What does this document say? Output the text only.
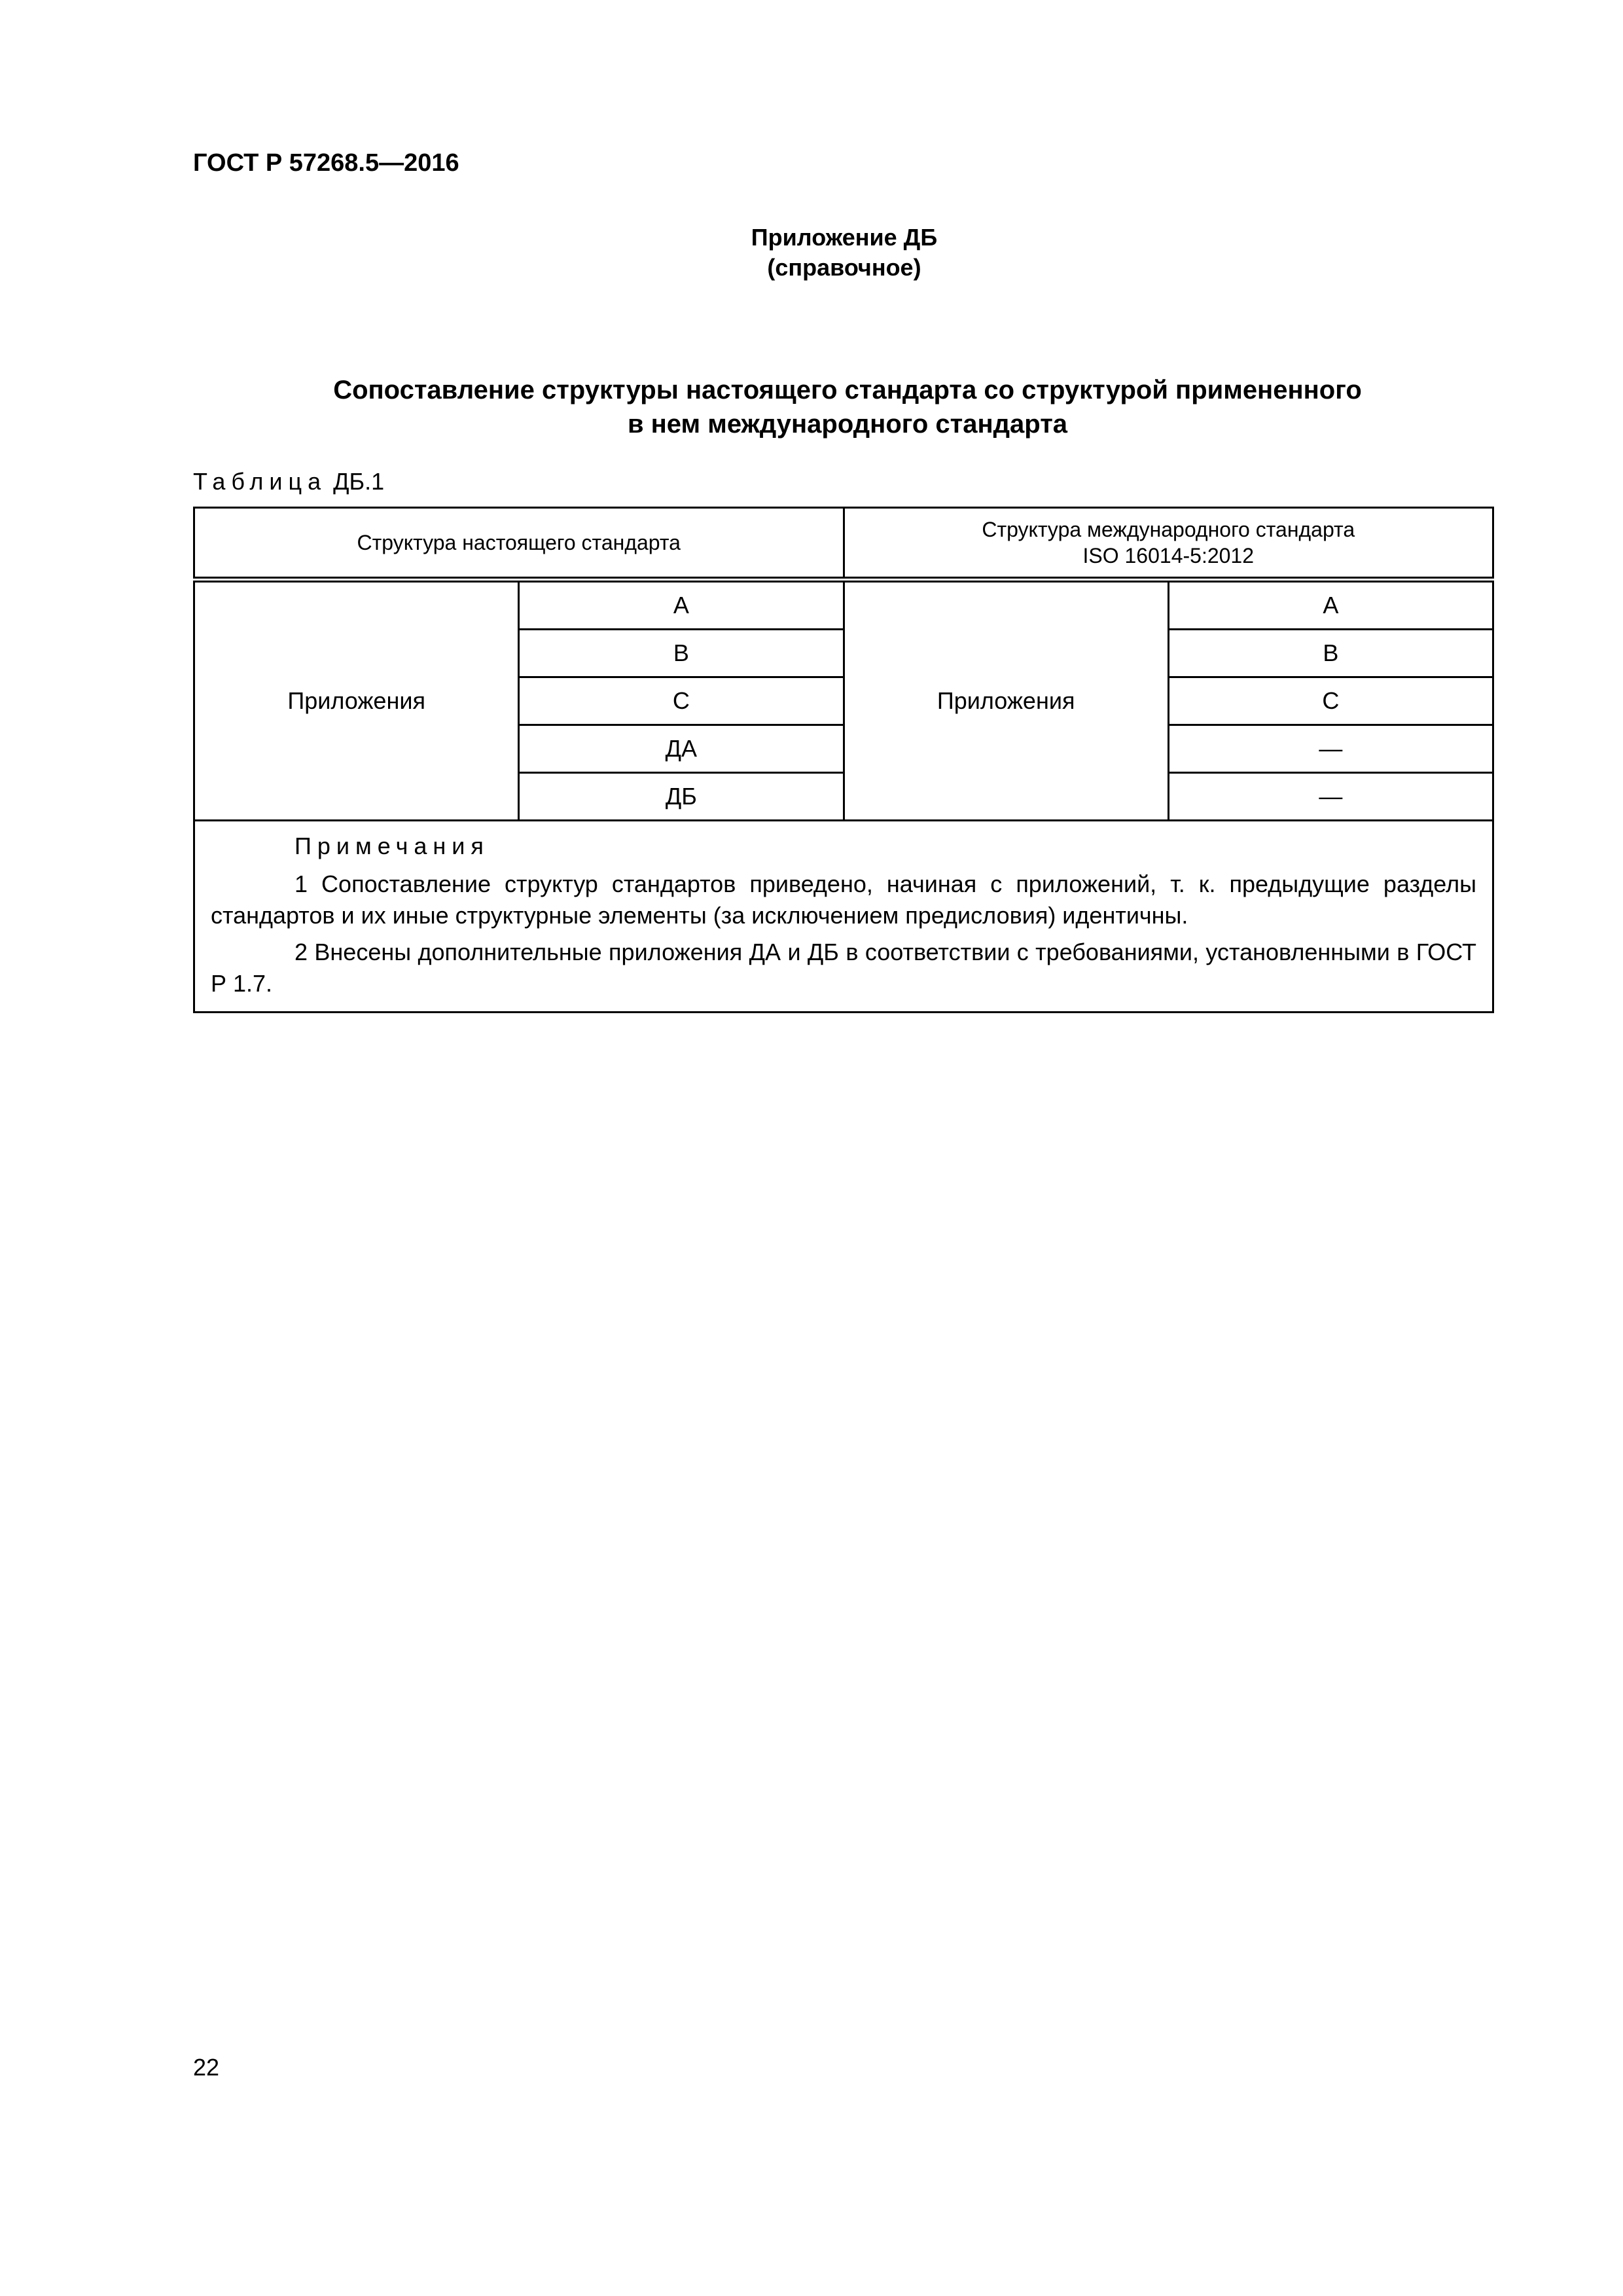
ГОСТ Р 57268.5—2016
Приложение ДБ
(справочное)
Сопоставление структуры настоящего стандарта со структурой примененного
в нем международного стандарта
Таблица ДБ.1
Структура настоящего стандарта		Структура международного стандарта
ISO 16014-5:2012	

Приложения	А	Приложения	А
	В		В
	С		С
	ДА		—
	ДБ		—

Примечания

1 Сопоставление структур стандартов приведено, начиная с приложений, т. к. предыдущие разделы стандартов и их иные структурные элементы (за исключением предисловия) идентичны.

2 Внесены дополнительные приложения ДА и ДБ в соответствии с требованиями, установленными в ГОСТ Р 1.7.			

22
